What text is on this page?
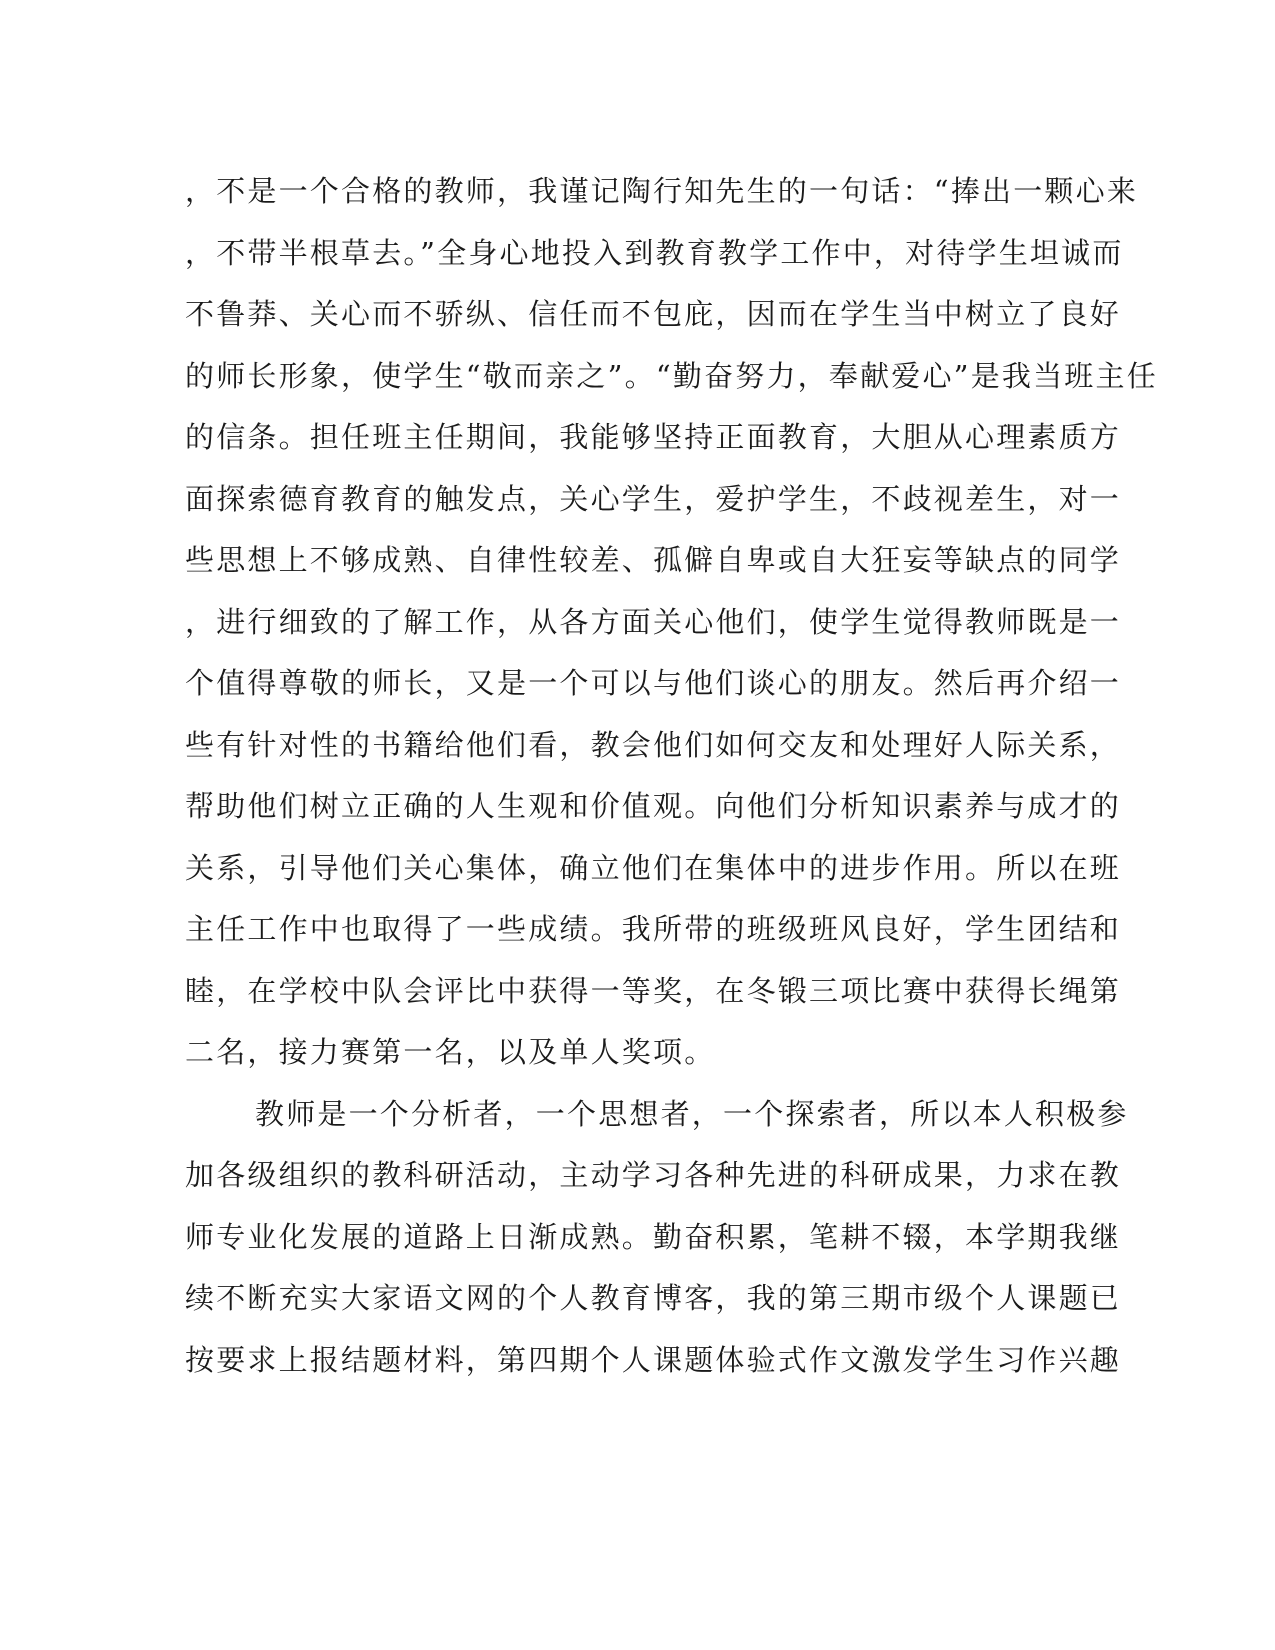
，不是一个合格的教师，我谨记陶行知先生的一句话：“捧出一颗心来
，不带半根草去。”全身心地投入到教育教学工作中，对待学生坦诚而
不鲁莽、关心而不骄纵、信任而不包庇，因而在学生当中树立了良好
的师长形象，使学生“敬而亲之”。“勤奋努力，奉献爱心”是我当班主任
的信条。担任班主任期间，我能够坚持正面教育，大胆从心理素质方
面探索德育教育的触发点，关心学生，爱护学生，不歧视差生，对一
些思想上不够成熟、自律性较差、孤僻自卑或自大狂妄等缺点的同学
，进行细致的了解工作，从各方面关心他们，使学生觉得教师既是一
个值得尊敬的师长，又是一个可以与他们谈心的朋友。然后再介绍一
些有针对性的书籍给他们看，教会他们如何交友和处理好人际关系，
帮助他们树立正确的人生观和价值观。向他们分析知识素养与成才的
关系，引导他们关心集体，确立他们在集体中的进步作用。所以在班
主任工作中也取得了一些成绩。我所带的班级班风良好，学生团结和
睦，在学校中队会评比中获得一等奖，在冬锻三项比赛中获得长绳第
二名，接力赛第一名，以及单人奖项。
教师是一个分析者，一个思想者，一个探索者，所以本人积极参
加各级组织的教科研活动，主动学习各种先进的科研成果，力求在教
师专业化发展的道路上日渐成熟。勤奋积累，笔耕不辍，本学期我继
续不断充实大家语文网的个人教育博客，我的第三期市级个人课题已
按要求上报结题材料，第四期个人课题体验式作文激发学生习作兴趣
